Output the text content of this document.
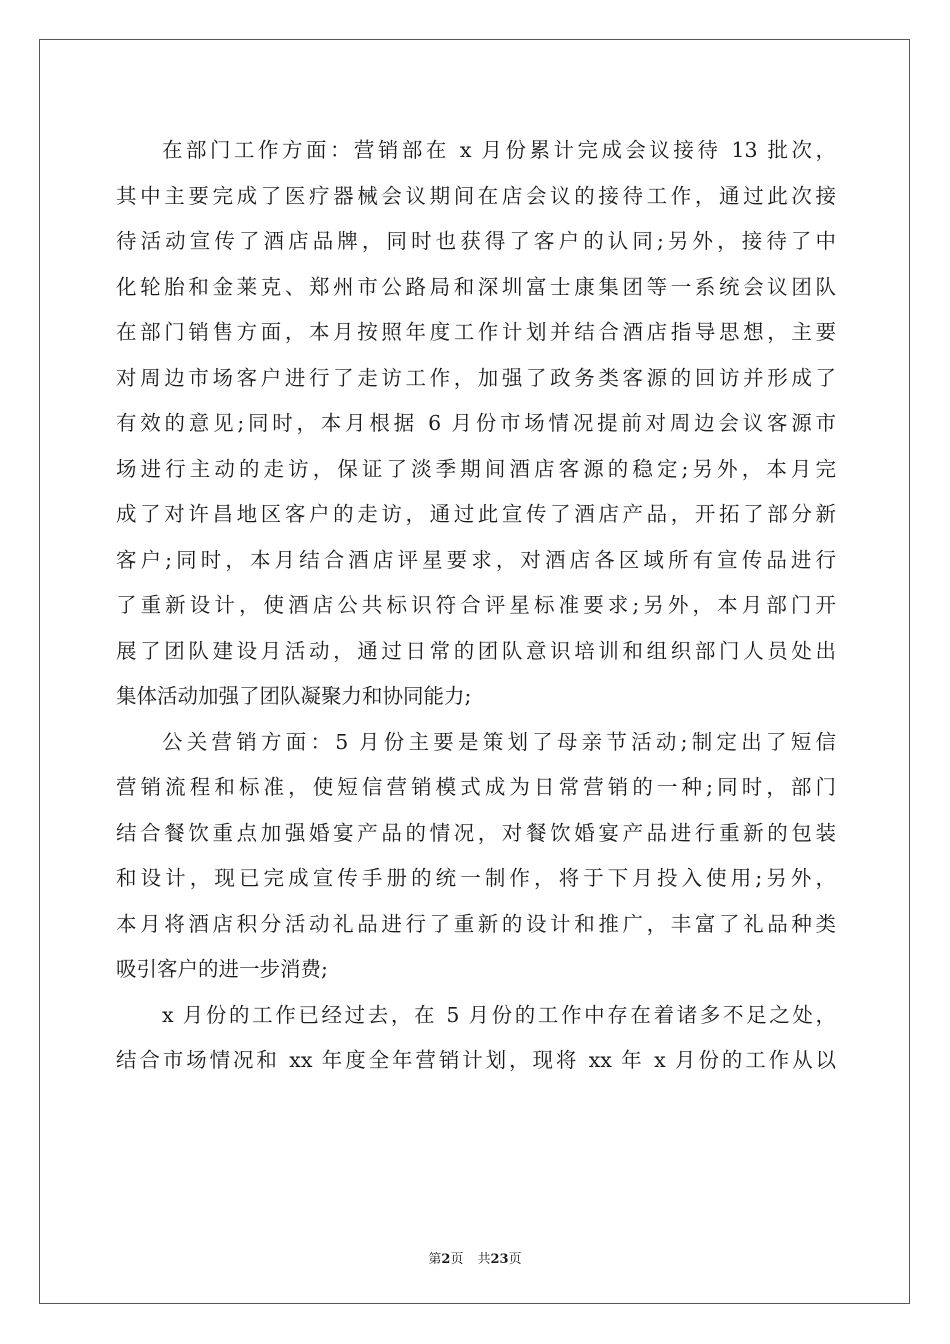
在部门工作方面：营销部在 x 月份累计完成会议接待 13 批次，
其中主要完成了医疗器械会议期间在店会议的接待工作，通过此次接
待活动宣传了酒店品牌，同时也获得了客户的认同;另外，接待了中
化轮胎和金莱克、郑州市公路局和深圳富士康集团等一系统会议团队
在部门销售方面，本月按照年度工作计划并结合酒店指导思想，主要
对周边市场客户进行了走访工作，加强了政务类客源的回访并形成了
有效的意见;同时，本月根据 6 月份市场情况提前对周边会议客源市
场进行主动的走访，保证了淡季期间酒店客源的稳定;另外，本月完
成了对许昌地区客户的走访，通过此宣传了酒店产品，开拓了部分新
客户;同时，本月结合酒店评星要求，对酒店各区域所有宣传品进行
了重新设计，使酒店公共标识符合评星标准要求;另外，本月部门开
展了团队建设月活动，通过日常的团队意识培训和组织部门人员处出
集体活动加强了团队凝聚力和协同能力;
公关营销方面：5 月份主要是策划了母亲节活动;制定出了短信
营销流程和标准，使短信营销模式成为日常营销的一种;同时，部门
结合餐饮重点加强婚宴产品的情况，对餐饮婚宴产品进行重新的包装
和设计，现已完成宣传手册的统一制作，将于下月投入使用;另外，
本月将酒店积分活动礼品进行了重新的设计和推广，丰富了礼品种类
吸引客户的进一步消费;
x 月份的工作已经过去，在 5 月份的工作中存在着诸多不足之处，
结合市场情况和 xx 年度全年营销计划，现将 xx 年 x 月份的工作从以
第2页 共23页
